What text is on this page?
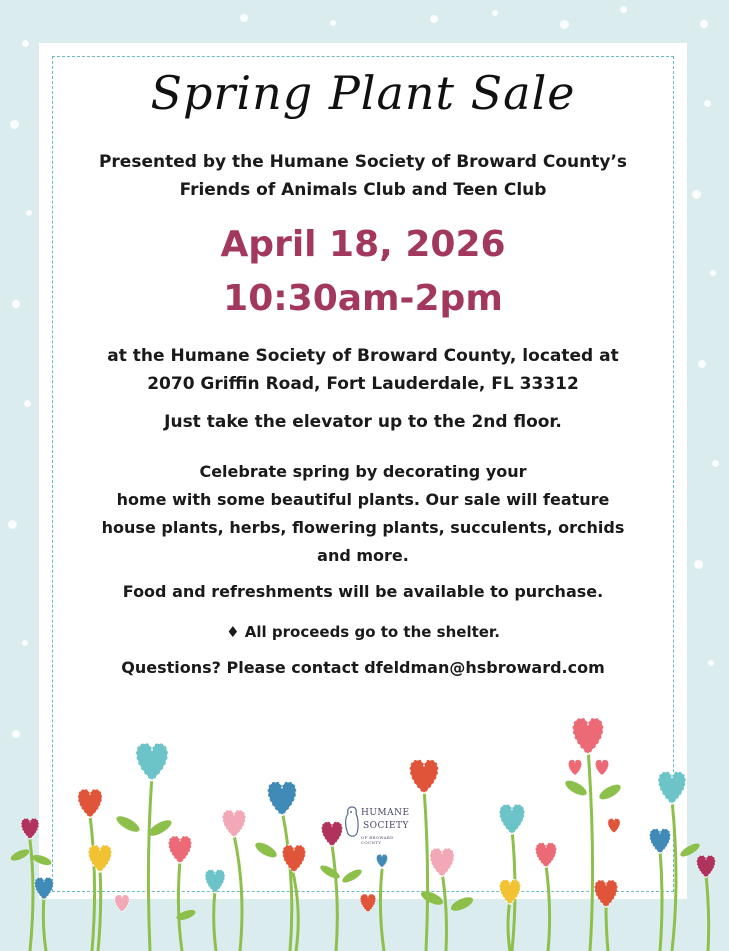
Spring Plant Sale
Presented by the Humane Society of Broward County’s
Friends of Animals Club and Teen Club
April 18, 2026
10:30am-2pm
at the Humane Society of Broward County, located at
2070 Griffin Road, Fort Lauderdale, FL 33312
Just take the elevator up to the 2nd floor.
Celebrate spring by decorating your
home with some beautiful plants. Our sale will feature
house plants, herbs, flowering plants, succulents, orchids
and more.
Food and refreshments will be available to purchase.
♦ All proceeds go to the shelter.
Questions? Please contact dfeldman@hsbroward.com
HUMANE
SOCIETY
OF BROWARD COUNTY
